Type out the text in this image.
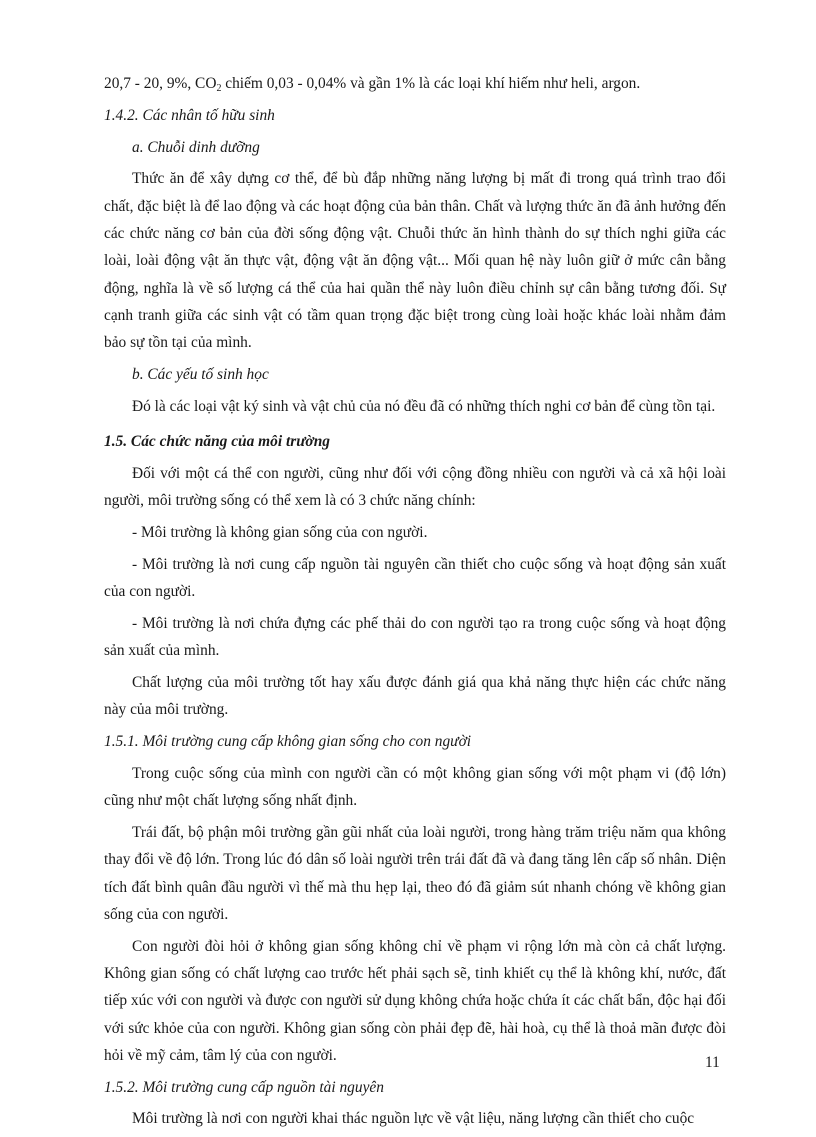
20,7 - 20, 9%, $CO_2$ chiếm 0,03 - 0,04% và gần 1% là các loại khí hiếm như heli, argon.

1.4.2. Các nhân tố hữu sinh

a. Chuỗi dinh dưỡng

Thức ăn để xây dựng cơ thể, để bù đắp những năng lượng bị mất đi trong quá trình trao đổi chất, đặc biệt là để lao động và các hoạt động của bản thân. Chất và lượng thức ăn đã ảnh hưởng đến các chức năng cơ bản của đời sống động vật. Chuỗi thức ăn hình thành do sự thích nghi giữa các loài, loài động vật ăn thực vật, động vật ăn động vật... Mối quan hệ này luôn giữ ở mức cân bằng động, nghĩa là về số lượng cá thể của hai quần thể này luôn điều chỉnh sự cân bằng tương đối. Sự cạnh tranh giữa các sinh vật có tầm quan trọng đặc biệt trong cùng loài hoặc khác loài nhằm đảm bảo sự tồn tại của mình.

b. Các yếu tố sinh học

Đó là các loại vật ký sinh và vật chủ của nó đều đã có những thích nghi cơ bản để cùng tồn tại.

1.5. Các chức năng của môi trường

Đối với một cá thể con người, cũng như đối với cộng đồng nhiều con người và cả xã hội loài người, môi trường sống có thể xem là có 3 chức năng chính:

- Môi trường là không gian sống của con người.

- Môi trường là nơi cung cấp nguồn tài nguyên cần thiết cho cuộc sống và hoạt động sản xuất của con người.

- Môi trường là nơi chứa đựng các phế thải do con người tạo ra trong cuộc sống và hoạt động sản xuất của mình.

Chất lượng của môi trường tốt hay xấu được đánh giá qua khả năng thực hiện các chức năng này của môi trường.

1.5.1. Môi trường cung cấp không gian sống cho con người

Trong cuộc sống của mình con người cần có một không gian sống với một phạm vi (độ lớn) cũng như một chất lượng sống nhất định.

Trái đất, bộ phận môi trường gần gũi nhất của loài người, trong hàng trăm triệu năm qua không thay đổi về độ lớn. Trong lúc đó dân số loài người trên trái đất đã và đang tăng lên cấp số nhân. Diện tích đất bình quân đầu người vì thế mà thu hẹp lại, theo đó đã giảm sút nhanh chóng về không gian sống của con người.

Con người đòi hỏi ở không gian sống không chỉ về phạm vi rộng lớn mà còn cả chất lượng. Không gian sống có chất lượng cao trước hết phải sạch sẽ, tinh khiết cụ thể là không khí, nước, đất tiếp xúc với con người và được con người sử dụng không chứa hoặc chứa ít các chất bẩn, độc hại đối với sức khỏe của con người. Không gian sống còn phải đẹp đẽ, hài hoà, cụ thể là thoả mãn được đòi hỏi về mỹ cảm, tâm lý của con người.

1.5.2. Môi trường cung cấp nguồn tài nguyên

Môi trường là nơi con người khai thác nguồn lực về vật liệu, năng lượng cần thiết cho cuộc

11
